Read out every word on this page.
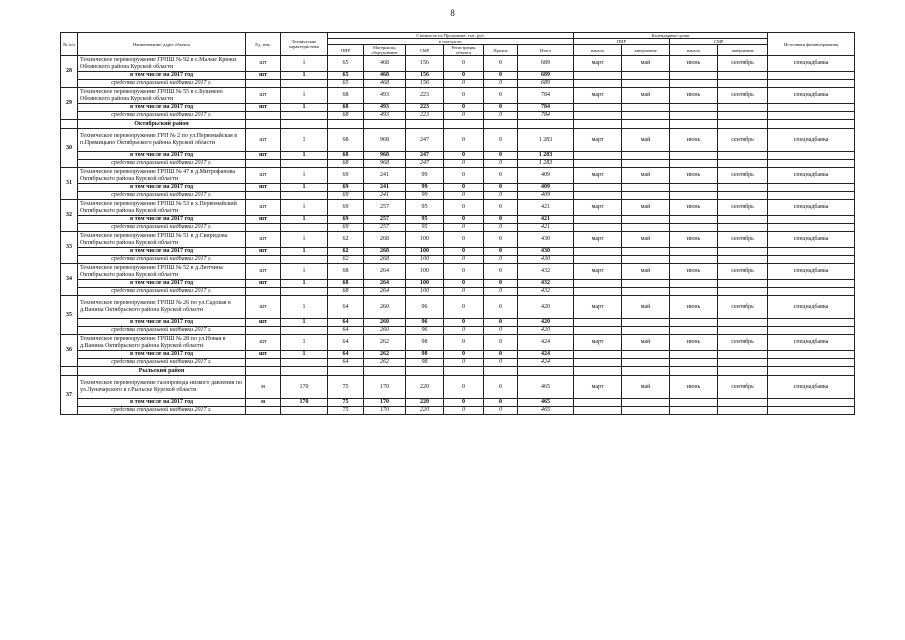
8
№ п/п	Наименование, адрес объекта	Ед. изм.	Технические характеристики	Стоимость по Программе, тыс. руб.						Календарные сроки				Источники финансирования
				в том числе:						ПИР		СМР		
				ПИР	Материалы, оборудование	СМР	Регистрация объекта	Прочие	Итого	начало	завершение	начало	завершение	
28	Техническое перевооружение ГРПШ № 92 в с.Малые Крюки Обоянского района Курской области	шт	1	65	468	156	0	0	689	март	май	июнь	сентябрь	спецнадбавка
	в том числе на 2017 год	шт	1	65	468	156	0	0	689					
	средства специальной надбавки 2017 г.			65	468	156	0	0	689					
29	Техническое перевооружение ГРПШ № 55 в с.Бушмено Обоянского района Курской области	шт	1	68	493	223	0	0	784	март	май	июнь	сентябрь	спецнадбавка
	в том числе на 2017 год	шт	1	68	493	223	0	0	784					
	средства специальной надбавки 2017 г.			68	493	223	0	0	784					
	Октябрьский район													
30	Техническое перевооружение ГРП № 2 по ул.Первомайская в п.Прямицыно Октябрьского района Курской области	шт	1	68	968	247	0	0	1 283	март	май	июнь	сентябрь	спецнадбавка
	в том числе на 2017 год	шт	1	68	968	247	0	0	1 283					
	средства специальной надбавки 2017 г.			68	968	247	0	0	1 283					
31	Техническое перевооружение ГРПШ № 47 в д.Митрофанова Октябрьского района Курской области	шт	1	69	241	99	0	0	409	март	май	июнь	сентябрь	спецнадбавка
	в том числе на 2017 год	шт	1	69	241	99	0	0	409					
	средства специальной надбавки 2017 г.			69	241	99	0	0	409					
32	Техническое перевооружение ГРПШ № 53 в х.Первомайский Октябрьского района Курской области	шт	1	69	257	95	0	0	421	март	май	июнь	сентябрь	спецнадбавка
	в том числе на 2017 год	шт	1	69	257	95	0	0	421					
	средства специальной надбавки 2017 г.			69	257	95	0	0	421					
33	Техническое перевооружение ГРПШ № 51 в д.Свиридова Октябрьского района Курской области	шт	1	62	268	100	0	0	430	март	май	июнь	сентябрь	спецнадбавка
	в том числе на 2017 год	шт	1	62	268	100	0	0	430					
	средства специальной надбавки 2017 г.			62	268	100	0	0	430					
34	Техническое перевооружение ГРПШ № 52 в д.Лютчина Октябрьского района Курской области	шт	1	68	264	100	0	0	432	март	май	июнь	сентябрь	спецнадбавка
	в том числе на 2017 год	шт	1	68	264	100	0	0	432					
	средства специальной надбавки 2017 г.			68	264	100	0	0	432					
35	Техническое перевооружение ГРПШ № 26 по ул.Садовая в д.Ванина Октябрьского района Курской области	шт	1	64	260	96	0	0	420	март	май	июнь	сентябрь	спецнадбавка
	в том числе на 2017 год	шт	1	64	260	96	0	0	420					
	средства специальной надбавки 2017 г.			64	260	96	0	0	420					
36	Техническое перевооружение ГРПШ № 28 по ул.Новая в д.Ванина Октябрьского района Курской области	шт	1	64	262	98	0	0	424	март	май	июнь	сентябрь	спецнадбавка
	в том числе на 2017 год	шт	1	64	262	98	0	0	424					
	средства специальной надбавки 2017 г.			64	262	98	0	0	424					
	Рыльский район													
37	Техническое перевооружение газопровода низкого давления по ул.Луначарского в г.Рыльске Курской области	м	170	75	170	220	0	0	465	март	май	июнь	сентябрь	спецнадбавка
	в том числе на 2017 год	м	170	75	170	220	0	0	465					
	средства специальной надбавки 2017 г.			75	170	220	0	0	465					
